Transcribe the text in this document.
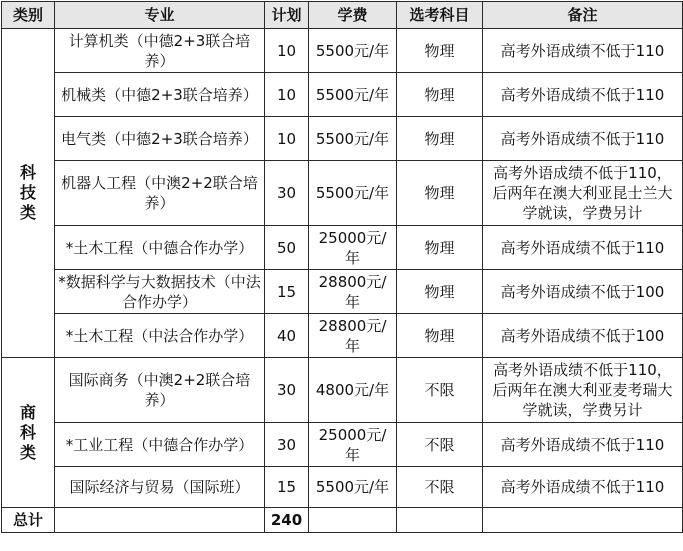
类别	专业	计划	学费	选考科目	备注

科
技
类	计算机类（中德2+3联合培养）	10	5500元/年	物理	高考外语成绩不低于110
	机械类（中德2+3联合培养）	10	5500元/年	物理	高考外语成绩不低于110
	电气类（中德2+3联合培养）	10	5500元/年	物理	高考外语成绩不低于110
	机器人工程（中澳2+2联合培养）	30	5500元/年	物理	高考外语成绩不低于110，后两年在澳大利亚昆士兰大学就读，学费另计
	*土木工程（中德合作办学）	50	25000元/年	物理	高考外语成绩不低于110
	*数据科学与大数据技术（中法合作办学）	15	28800元/年	物理	高考外语成绩不低于100
	*土木工程（中法合作办学）	40	28800元/年	物理	高考外语成绩不低于100

商
科
类	国际商务（中澳2+2联合培养）	30	4800元/年	不限	高考外语成绩不低于110，后两年在澳大利亚麦考瑞大学就读，学费另计
	*工业工程（中德合作办学）	30	25000元/年	不限	高考外语成绩不低于110
	国际经济与贸易（国际班）	15	5500元/年	不限	高考外语成绩不低于110
总计		240			
